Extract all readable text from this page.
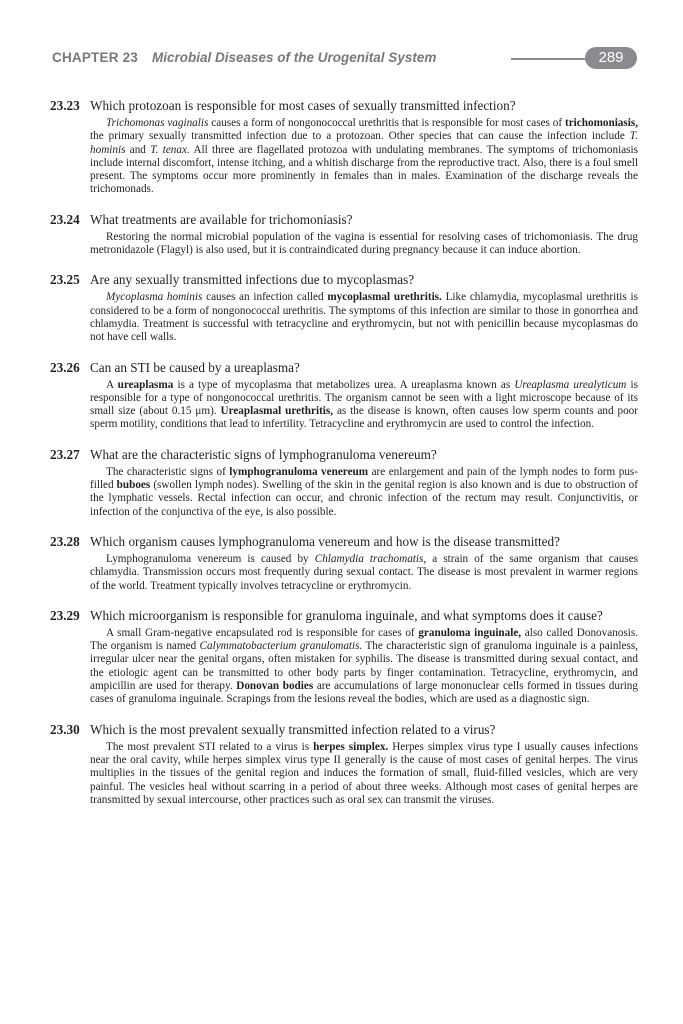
CHAPTER 23 Microbial Diseases of the Urogenital System	289
23.23 Which protozoan is responsible for most cases of sexually transmitted infection?
Trichomonas vaginalis causes a form of nongonococcal urethritis that is responsible for most cases of trichomoniasis, the primary sexually transmitted infection due to a protozoan. Other species that can cause the infection include T. hominis and T. tenax. All three are flagellated protozoa with undulating membranes. The symptoms of trichomoniasis include internal discomfort, intense itching, and a whitish discharge from the reproductive tract. Also, there is a foul smell present. The symptoms occur more prominently in females than in males. Examination of the discharge reveals the trichomonads.
23.24 What treatments are available for trichomoniasis?
Restoring the normal microbial population of the vagina is essential for resolving cases of trichomoniasis. The drug metronidazole (Flagyl) is also used, but it is contraindicated during pregnancy because it can induce abortion.
23.25 Are any sexually transmitted infections due to mycoplasmas?
Mycoplasma hominis causes an infection called mycoplasmal urethritis. Like chlamydia, mycoplasmal urethritis is considered to be a form of nongonococcal urethritis. The symptoms of this infection are similar to those in gonorrhea and chlamydia. Treatment is successful with tetracycline and erythromycin, but not with penicillin because mycoplasmas do not have cell walls.
23.26 Can an STI be caused by a ureaplasma?
A ureaplasma is a type of mycoplasma that metabolizes urea. A ureaplasma known as Ureaplasma urealyticum is responsible for a type of nongonococcal urethritis. The organism cannot be seen with a light microscope because of its small size (about 0.15 μm). Ureaplasmal urethritis, as the disease is known, often causes low sperm counts and poor sperm motility, conditions that lead to infertility. Tetracycline and erythromycin are used to control the infection.
23.27 What are the characteristic signs of lymphogranuloma venereum?
The characteristic signs of lymphogranuloma venereum are enlargement and pain of the lymph nodes to form pus-filled buboes (swollen lymph nodes). Swelling of the skin in the genital region is also known and is due to obstruction of the lymphatic vessels. Rectal infection can occur, and chronic infection of the rectum may result. Conjunctivitis, or infection of the conjunctiva of the eye, is also possible.
23.28 Which organism causes lymphogranuloma venereum and how is the disease transmitted?
Lymphogranuloma venereum is caused by Chlamydia trachomatis, a strain of the same organism that causes chlamydia. Transmission occurs most frequently during sexual contact. The disease is most prevalent in warmer regions of the world. Treatment typically involves tetracycline or erythromycin.
23.29 Which microorganism is responsible for granuloma inguinale, and what symptoms does it cause?
A small Gram-negative encapsulated rod is responsible for cases of granuloma inguinale, also called Donovanosis. The organism is named Calymmatobacterium granulomatis. The characteristic sign of granuloma inguinale is a painless, irregular ulcer near the genital organs, often mistaken for syphilis. The disease is transmitted during sexual contact, and the etiologic agent can be transmitted to other body parts by finger contamination. Tetracycline, erythromycin, and ampicillin are used for therapy. Donovan bodies are accumulations of large mononuclear cells formed in tissues during cases of granuloma inguinale. Scrapings from the lesions reveal the bodies, which are used as a diagnostic sign.
23.30 Which is the most prevalent sexually transmitted infection related to a virus?
The most prevalent STI related to a virus is herpes simplex. Herpes simplex virus type I usually causes infections near the oral cavity, while herpes simplex virus type II generally is the cause of most cases of genital herpes. The virus multiplies in the tissues of the genital region and induces the formation of small, fluid-filled vesicles, which are very painful. The vesicles heal without scarring in a period of about three weeks. Although most cases of genital herpes are transmitted by sexual intercourse, other practices such as oral sex can transmit the viruses.
